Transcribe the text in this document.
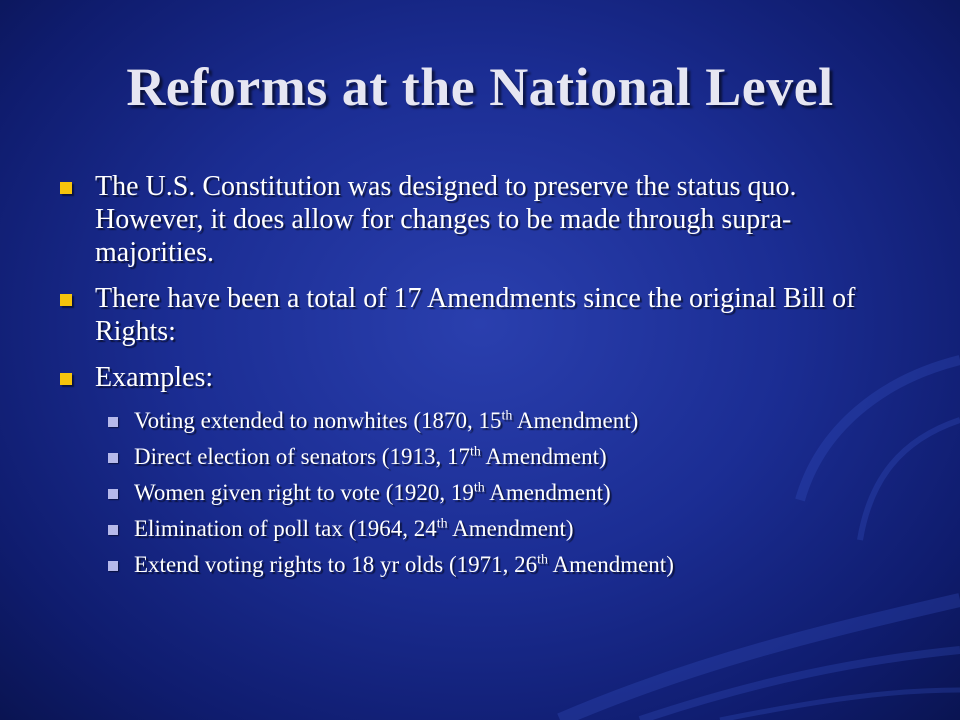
Reforms at the National Level
The U.S. Constitution was designed to preserve the status quo. However, it does allow for changes to be made through supra-majorities.
There have been a total of 17 Amendments since the original Bill of Rights:
Examples:
Voting extended to nonwhites (1870, 15th Amendment)
Direct election of senators (1913, 17th Amendment)
Women given right to vote (1920, 19th Amendment)
Elimination of poll tax (1964, 24th Amendment)
Extend voting rights to 18 yr olds (1971, 26th Amendment)
